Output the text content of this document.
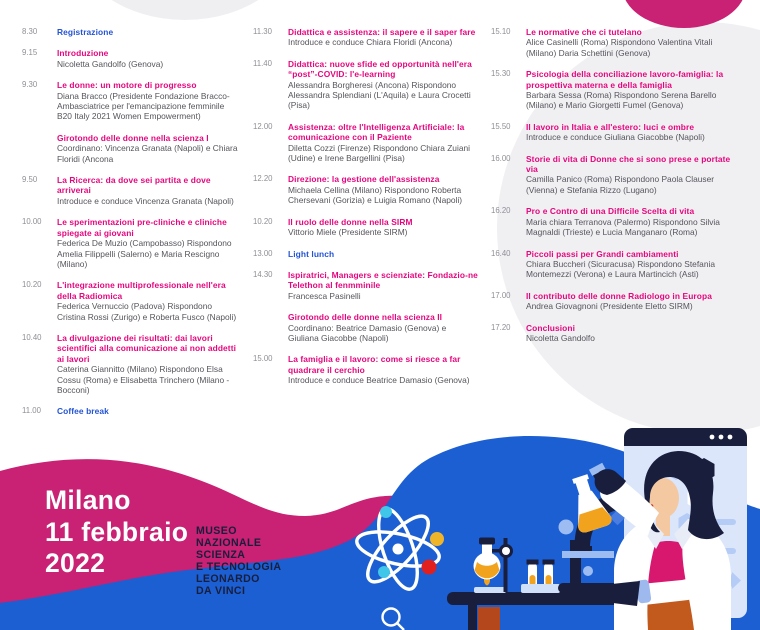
8.30	Registrazione
9.15	Introduzione
Nicoletta Gandolfo (Genova)
9.30	Le donne: un motore di progresso
Diana Bracco (Presidente Fondazione Bracco- Ambasciatrice per l'emancipazione femminile B20 Italy 2021 Women Empowerment)
Girotondo delle donne nella scienza I
Coordinano: Vincenza Granata (Napoli) e Chiara Floridi (Ancona
9.50	La Ricerca: da dove sei partita e dove arriverai
Introduce e conduce Vincenza Granata (Napoli)
10.00	Le sperimentazioni pre-cliniche e cliniche spiegate ai giovani
Federica De Muzio (Campobasso) Rispondono Amelia Filippelli (Salerno) e Maria Rescigno (Milano)
10.20	L'integrazione multiprofessionale nell'era della Radiomica
Federica Vernuccio (Padova) Rispondono Cristina Rossi (Zurigo) e Roberta Fusco (Napoli)
10.40	La divulgazione dei risultati: dai lavori scientifici alla comunicazione ai non addetti ai lavori
Caterina Giannitto (Milano) Rispondono Elsa Cossu (Roma) e Elisabetta Trinchero (Milano - Bocconi)
11.00	Coffee break
11.30	Didattica e assistenza: il sapere e il saper fare
Introduce e conduce Chiara Floridi (Ancona)
11.40	Didattica: nuove sfide ed opportunità nell'era “post”-COVID: l'e-learning
Alessandra Borgheresi (Ancona) Rispondono Alessandra Splendiani (L'Aquila) e Laura Crocetti (Pisa)
12.00	Assistenza: oltre l'Intelligenza Artificiale: la comunicazione con il Paziente
Diletta Cozzi (Firenze) Rispondono Chiara Zuiani (Udine) e Irene Bargellini (Pisa)
12.20	Direzione: la gestione dell'assistenza
Michaela Cellina (Milano) Rispondono Roberta Chersevani (Gorizia) e Luigia Romano (Napoli)
10.20	Il ruolo delle donne nella SIRM
Vittorio Miele (Presidente SIRM)
13.00	Light lunch
14.30	Ispiratrici, Managers e scienziate: Fondazio-ne Telethon al fenmminile
Francesca Pasinelli
Girotondo delle donne nella scienza II
Coordinano: Beatrice Damasio (Genova) e Giuliana Giacobbe (Napoli)
15.00	La famiglia e il lavoro: come si riesce a far quadrare il cerchio
Introduce e conduce Beatrice Damasio (Genova)
15.10	Le normative che ci tutelano
Alice Casinelli (Roma) Rispondono Valentina Vitali (Milano) Daria Schettini (Genova)
15.30	Psicologia della conciliazione lavoro-famiglia: la prospettiva materna e della famiglia
Barbara Sessa (Roma) Rispondono Serena Barello (Milano) e Mario Giorgetti Fumel (Genova)
15.50	Il lavoro in Italia e all'estero: luci e ombre
Introduce e conduce Giuliana Giacobbe (Napoli)
16.00	Storie di vita di Donne che si sono prese e portate via
Camilla Panico (Roma) Rispondono Paola Clauser (Vienna) e Stefania Rizzo (Lugano)
16.20	Pro e Contro di una Difficile Scelta di vita
Maria chiara Terranova (Palermo) Rispondono Silvia Magnaldi (Trieste) e Lucia Manganaro (Roma)
16.40	Piccoli passi per Grandi cambiamenti
Chiara Buccheri (Sicuracusa) Rispondono Stefania Montemezzi (Verona) e Laura Martincich (Asti)
17.00	Il contributo delle donne Radiologo in Europa
Andrea Giovagnoni (Presidente Eletto SIRM)
17.20	Conclusioni
Nicoletta Gandolfo
Milano
11 febbraio
2022
MUSEO
NAZIONALE
SCIENZA
E TECNOLOGIA
LEONARDO
DA VINCI
